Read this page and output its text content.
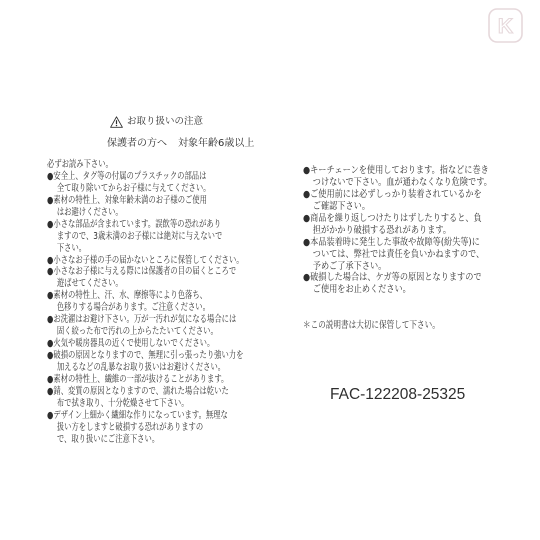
K
お取り扱いの注意
保護者の方へ 対象年齢6歳以上
必ずお読み下さい。
●安全上、タグ等の付属のプラスチックの部品は
全て取り除いてからお子様に与えてください。
●素材の特性上、対象年齢未満のお子様のご使用
はお避けください。
●小さな部品が含まれています。誤飲等の恐れがあり
ますので、3歳未満のお子様には絶対に与えないで
下さい。
●小さなお子様の手の届かないところに保管してください。
●小さなお子様に与える際には保護者の目の届くところで
遊ばせてください。
●素材の特性上、汗、水、摩擦等により色落ち、
色移りする場合があります。ご注意ください。
●お洗濯はお避け下さい。万が一汚れが気になる場合には
固く絞った布で汚れの上からたたいてください。
●火気や暖房器具の近くで使用しないでください。
●破損の原因となりますので、無理に引っ張ったり強い力を
加えるなどの乱暴なお取り扱いはお避けください。
●素材の特性上、繊維の一部が抜けることがあります。
●錆、変質の原因となりますので、濡れた場合は乾いた
布で拭き取り、十分乾燥させて下さい。
●デザイン上細かく繊細な作りになっています。無理な
扱い方をしますと破損する恐れがありますの
で、取り扱いにご注意下さい。
●キーチェーンを使用しております。指などに巻き
つけないで下さい。血が通わなくなり危険です。
●ご使用前には必ずしっかり装着されているかを
ご確認下さい。
●商品を繰り返しつけたりはずしたりすると、負
担がかかり破損する恐れがあります。
●本品装着時に発生した事故や故障等(紛失等)に
ついては、弊社では責任を負いかねますので、
予めご了承下さい。
●破損した場合は、ケガ等の原因となりますので
ご使用をお止めください。
＊この説明書は大切に保管して下さい。
FAC-122208-25325
